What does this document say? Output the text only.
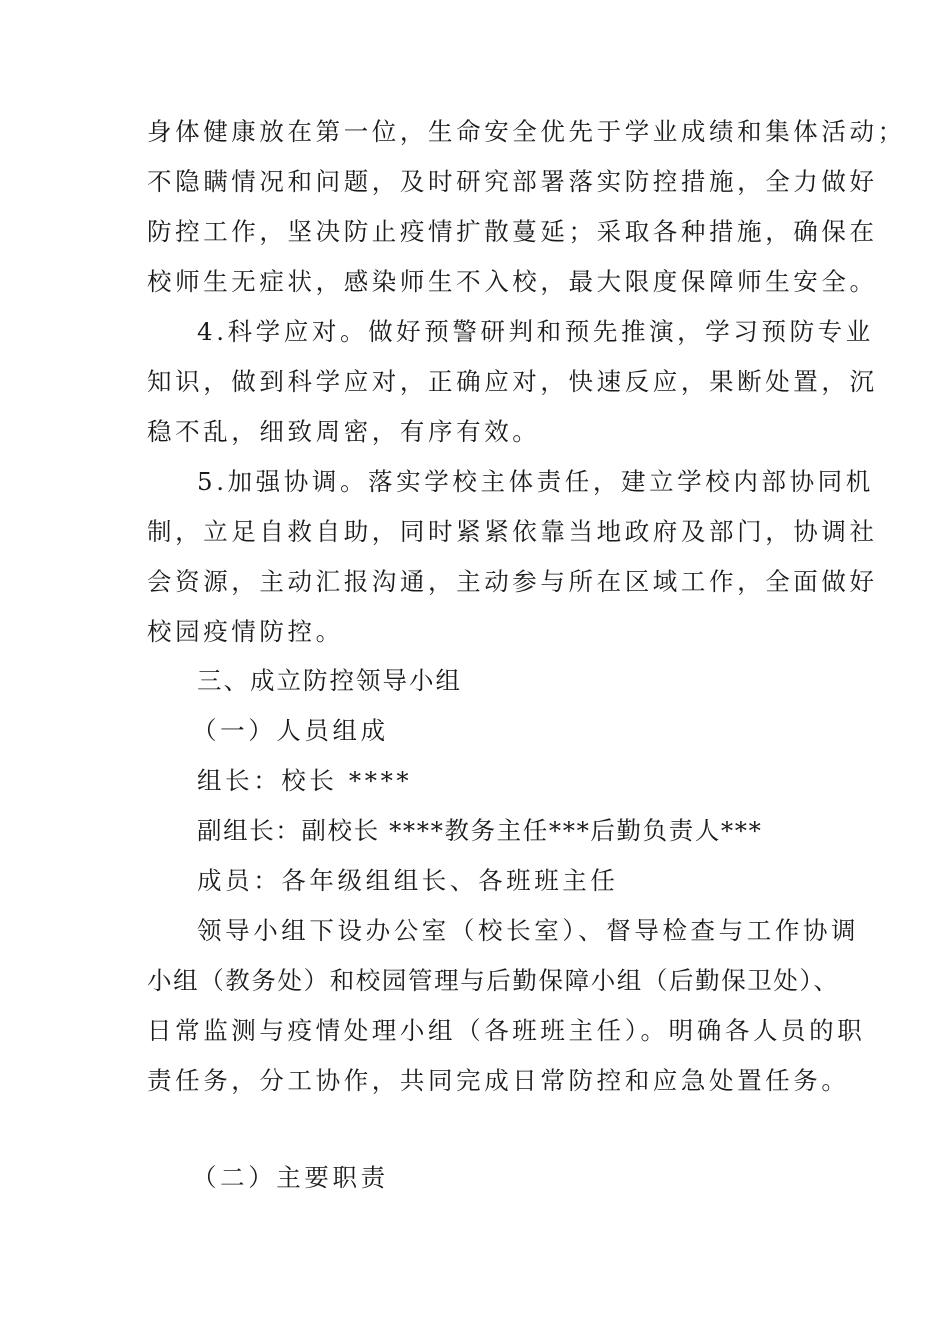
身体健康放在第一位，生命安全优先于学业成绩和集体活动；
不隐瞒情况和问题，及时研究部署落实防控措施，全力做好
防控工作，坚决防止疫情扩散蔓延；采取各种措施，确保在
校师生无症状，感染师生不入校，最大限度保障师生安全。
4.科学应对。做好预警研判和预先推演，学习预防专业
知识，做到科学应对，正确应对，快速反应，果断处置，沉
稳不乱，细致周密，有序有效。
5.加强协调。落实学校主体责任，建立学校内部协同机
制，立足自救自助，同时紧紧依靠当地政府及部门，协调社
会资源，主动汇报沟通，主动参与所在区域工作，全面做好
校园疫情防控。
三、成立防控领导小组
（一）人员组成
组长：校长 ****
副组长：副校长 ****教务主任***后勤负责人***
成员：各年级组组长、各班班主任
领导小组下设办公室（校长室）、督导检查与工作协调
小组（教务处）和校园管理与后勤保障小组（后勤保卫处）、
日常监测与疫情处理小组（各班班主任）。明确各人员的职
责任务，分工协作，共同完成日常防控和应急处置任务。
（二）主要职责
